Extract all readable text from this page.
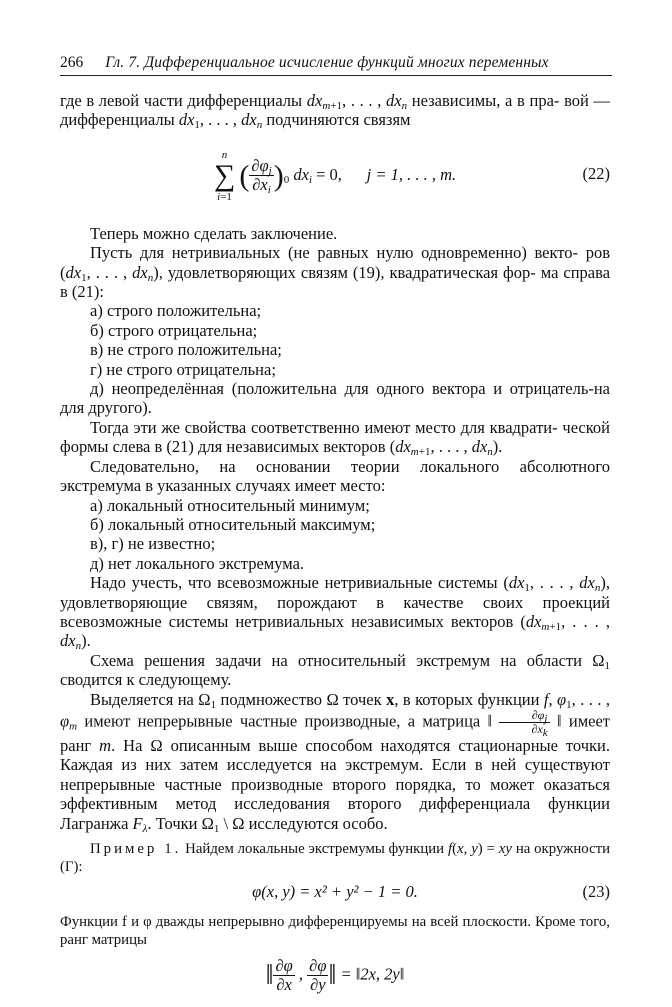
266 Гл. 7. Дифференциальное исчисление функций многих переменных

где в левой части дифференциалы $dx_{m+1}$, . . . , $dx_n$ независимы, а в пра- вой — дифференциалы $dx_1$, . . . , $dx_n$ подчиняются связям

n
∑
i=1
( $\frac{\partial\varphi_j}{\partial x_i} )_0$ $dx_i = 0$,      j = 1, . . . , m.	(22)

Теперь можно сделать заключение.

Пусть для нетривиальных (не равных нулю одновременно) векто- ров ($dx_1$, . . . , $dx_n$), удовлетворяющих связям (19), квадратическая фор- ма справа в (21):

а) строго положительна;

б) строго отрицательна;

в) не строго положительна;

г) не строго отрицательна;

д) неопределённая (положительна для одного вектора и отрицатель-на для другого).

Тогда эти же свойства соответственно имеют место для квадрати- ческой формы слева в (21) для независимых векторов ($dx_{m+1}$, . . . , $dx_n$).

Следовательно, на основании теории локального абсолютного экстремума в указанных случаях имеет место:

а) локальный относительный минимум;

б) локальный относительный максимум;

в), г) не известно;

д) нет локального экстремума.

Надо учесть, что всевозможные нетривиальные системы ($dx_1$, . . . , $dx_n$), удовлетворяющие связям, порождают в качестве своих проекций всевозможные системы нетривиальных независимых векторов ($dx_{m+1}$, . . . , $dx_n$).

Схема решения задачи на относительный экстремум на области $\Omega_1$ сводится к следующему.

Выделяется на $\Omega_1$ подмножество Ω точек x, в которых функции f, $\varphi_1$, . . . , $\varphi_m$ имеют непрерывные частные производные, а матрица ‖ $\frac{\partial\varphi_j}{\partial x_k}$ ‖ имеет ранг m. На Ω описанным выше способом находятся стационарные точки. Каждая из них затем исследуется на экстремум. Если в ней существуют непрерывные частные производные второго порядка, то может оказаться эффективным метод исследования второго дифференциала функции Лагранжа $F_\lambda$. Точки $\Omega_1$ \ Ω исследуются особо.

Пример 1. Найдем локальные экстремумы функции f(x, y) = xy на окружности (Γ):

φ(x, y) = x² + y² − 1 = 0.	(23)

Функции f и φ дважды непрерывно дифференцируемы на всей плоскости. Кроме того, ранг матрицы

‖ $\frac{\partial\varphi}{\partial x}$ , $\frac{\partial\varphi}{\partial y}$ ‖ = ‖2x, 2y‖
